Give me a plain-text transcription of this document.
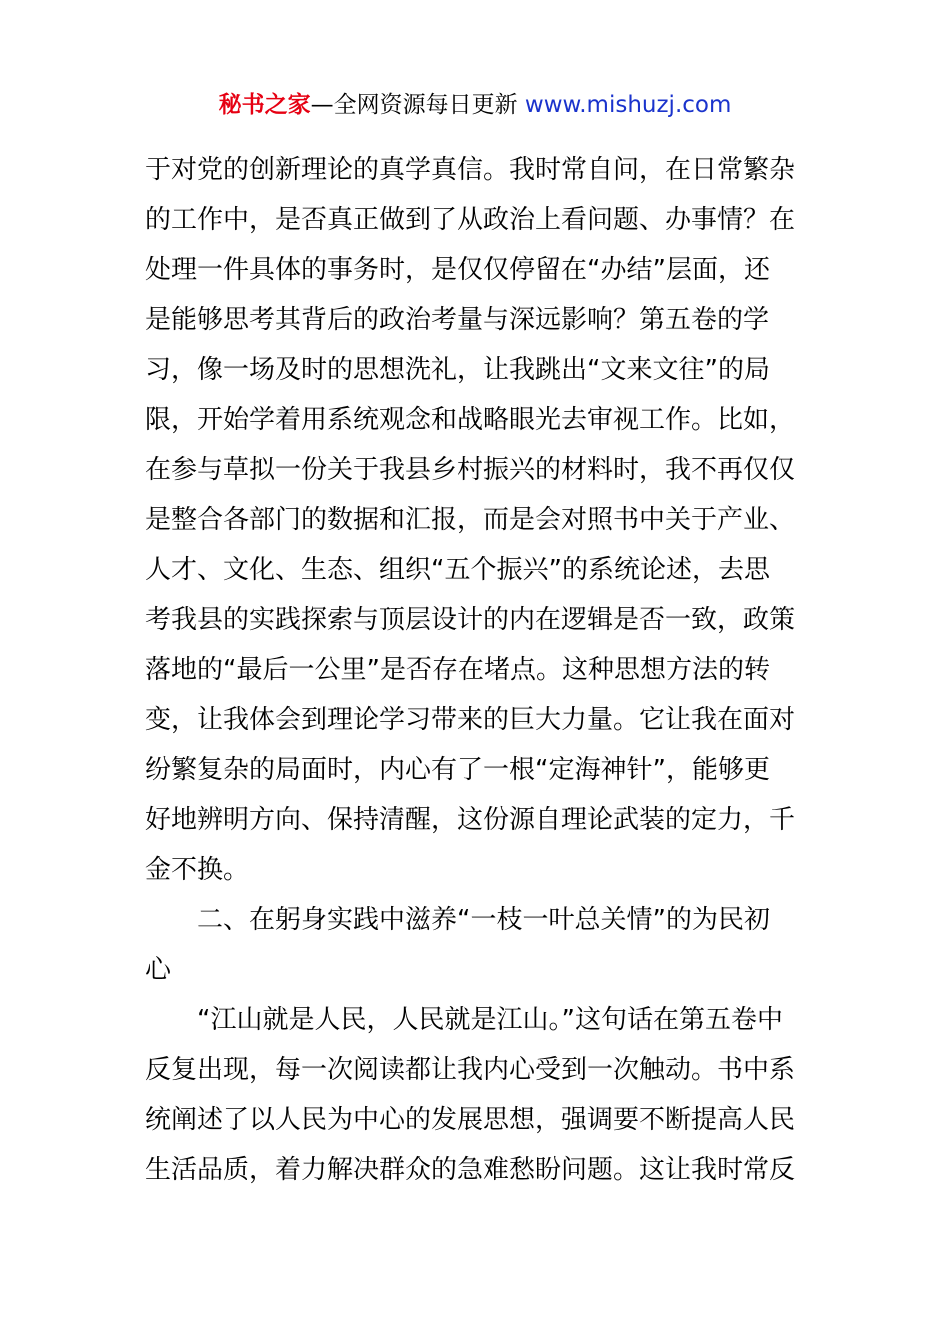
秘书之家—全网资源每日更新 www.mishuzj.com
于对党的创新理论的真学真信。我时常自问，在日常繁杂
的工作中，是否真正做到了从政治上看问题、办事情？在
处理一件具体的事务时，是仅仅停留在“办结”层面，还
是能够思考其背后的政治考量与深远影响？第五卷的学
习，像一场及时的思想洗礼，让我跳出“文来文往”的局
限，开始学着用系统观念和战略眼光去审视工作。比如，
在参与草拟一份关于我县乡村振兴的材料时，我不再仅仅
是整合各部门的数据和汇报，而是会对照书中关于产业、
人才、文化、生态、组织“五个振兴”的系统论述，去思
考我县的实践探索与顶层设计的内在逻辑是否一致，政策
落地的“最后一公里”是否存在堵点。这种思想方法的转
变，让我体会到理论学习带来的巨大力量。它让我在面对
纷繁复杂的局面时，内心有了一根“定海神针”，能够更
好地辨明方向、保持清醒，这份源自理论武装的定力，千
金不换。
　　二、在躬身实践中滋养“一枝一叶总关情”的为民初
心
　　“江山就是人民，人民就是江山。”这句话在第五卷中
反复出现，每一次阅读都让我内心受到一次触动。书中系
统阐述了以人民为中心的发展思想，强调要不断提高人民
生活品质，着力解决群众的急难愁盼问题。这让我时常反
